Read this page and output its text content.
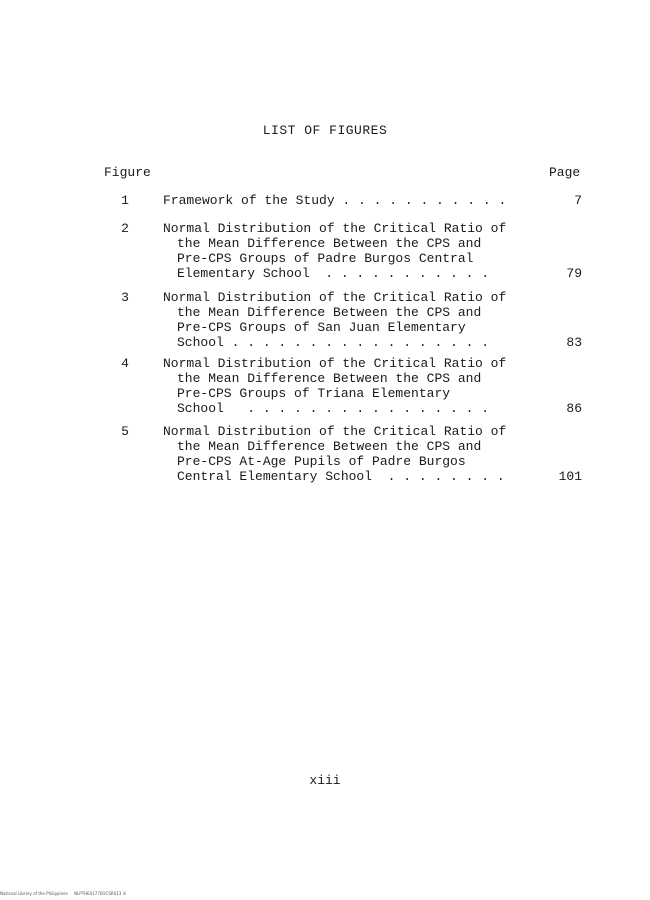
LIST OF FIGURES
Figure	Page
1	Framework of the Study . . . . . . . . . . .	7
2	Normal Distribution of the Critical Ratio of
the Mean Difference Between the CPS and
Pre-CPS Groups of Padre Burgos Central
Elementary School  . . . . . . . . . . .	79
3	Normal Distribution of the Critical Ratio of
the Mean Difference Between the CPS and
Pre-CPS Groups of San Juan Elementary
School . . . . . . . . . . . . . . . . .	83
4	Normal Distribution of the Critical Ratio of
the Mean Difference Between the CPS and
Pre-CPS Groups of Triana Elementary
School   . . . . . . . . . . . . . . . .	86
5	Normal Distribution of the Critical Ratio of
the Mean Difference Between the CPS and
Pre-CPS At-Age Pupils of Padre Burgos
Central Elementary School  . . . . . . . .	101
xiii
National Library of the Philippines     NLPTHE01770OCSR013 iii
